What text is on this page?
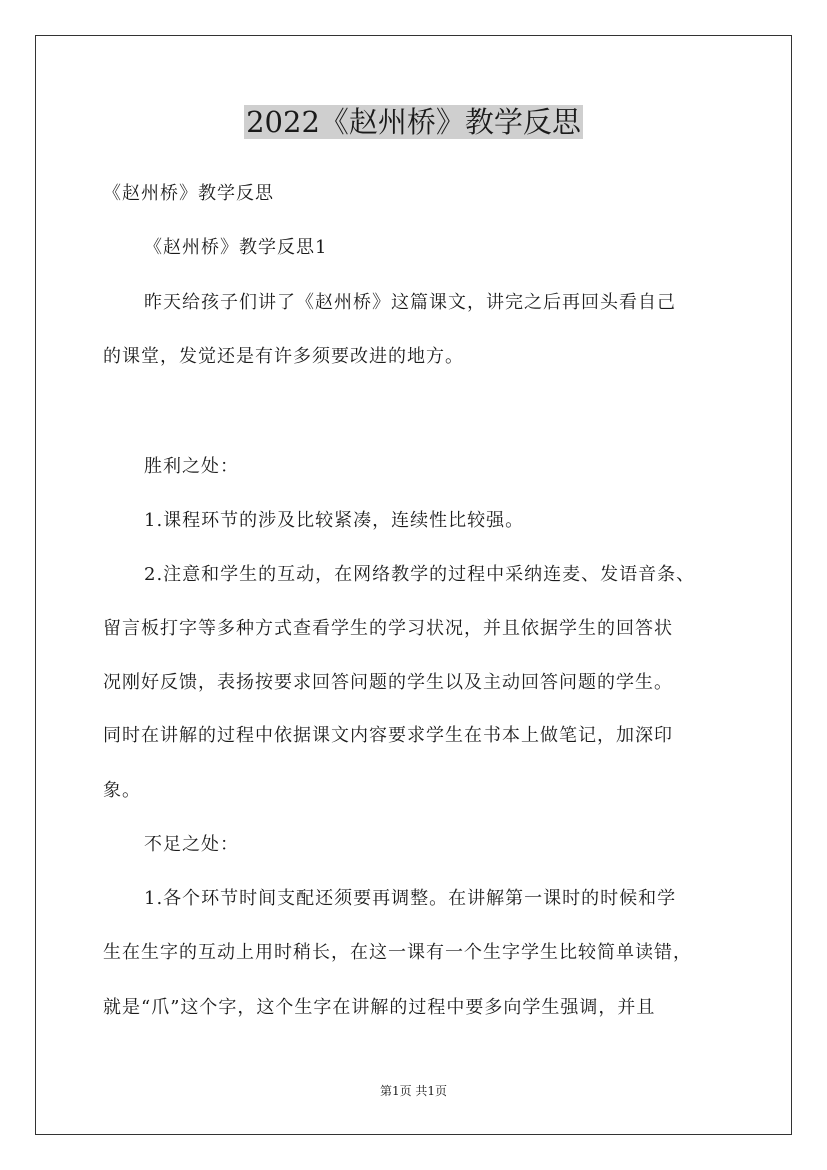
2022《赵州桥》教学反思
《赵州桥》教学反思
《赵州桥》教学反思1
昨天给孩子们讲了《赵州桥》这篇课文，讲完之后再回头看自己
的课堂，发觉还是有许多须要改进的地方。
胜利之处：
1.课程环节的涉及比较紧凑，连续性比较强。
2.注意和学生的互动，在网络教学的过程中采纳连麦、发语音条、
留言板打字等多种方式查看学生的学习状况，并且依据学生的回答状
况刚好反馈，表扬按要求回答问题的学生以及主动回答问题的学生。
同时在讲解的过程中依据课文内容要求学生在书本上做笔记，加深印
象。
不足之处：
1.各个环节时间支配还须要再调整。在讲解第一课时的时候和学
生在生字的互动上用时稍长，在这一课有一个生字学生比较简单读错，
就是“爪”这个字，这个生字在讲解的过程中要多向学生强调，并且
第1页 共1页
